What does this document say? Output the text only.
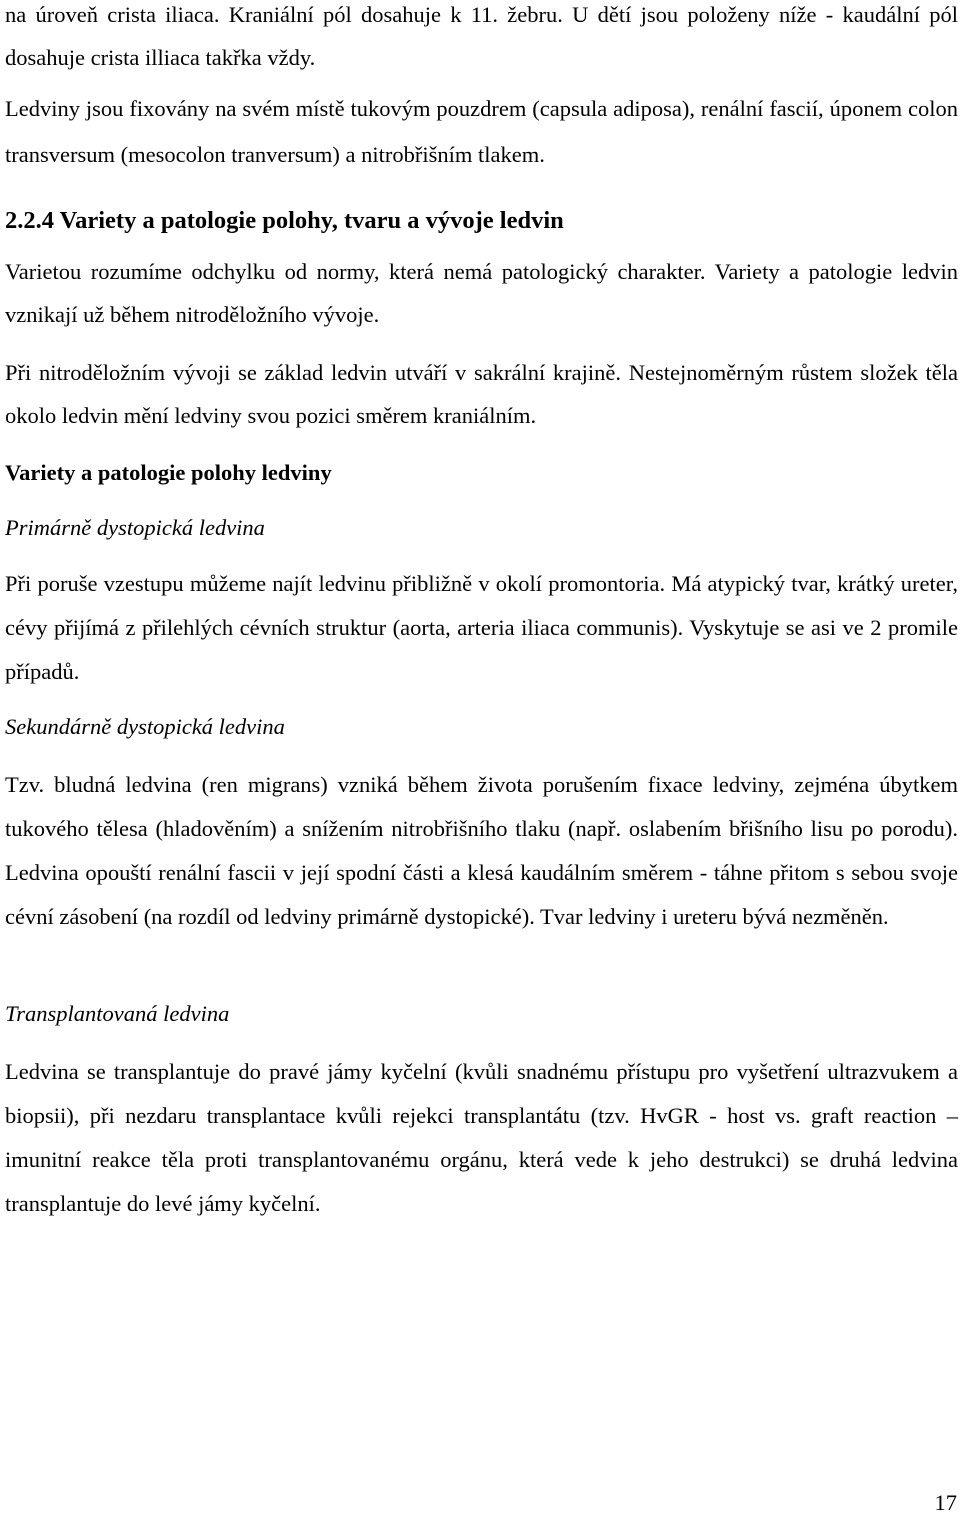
na úroveň crista iliaca. Kraniální pól dosahuje k 11. žebru. U dětí jsou položeny níže - kaudální pól dosahuje crista illiaca takřka vždy.

Ledviny jsou fixovány na svém místě tukovým pouzdrem (capsula adiposa), renální fascií, úponem colon transversum (mesocolon tranversum) a nitrobřišním tlakem.

2.2.4 Variety a patologie polohy, tvaru a vývoje ledvin

Varietou rozumíme odchylku od normy, která nemá patologický charakter. Variety a patologie ledvin vznikají už během nitroděložního vývoje.

Při nitroděložním vývoji se základ ledvin utváří v sakrální krajině. Nestejnoměrným růstem složek těla okolo ledvin mění ledviny svou pozici směrem kraniálním.

Variety a patologie polohy ledviny

Primárně dystopická ledvina

Při poruše vzestupu můžeme najít ledvinu přibližně v okolí promontoria. Má atypický tvar, krátký ureter, cévy přijímá z přilehlých cévních struktur (aorta, arteria iliaca communis). Vyskytuje se asi ve 2 promile případů.

Sekundárně dystopická ledvina

Tzv. bludná ledvina (ren migrans) vzniká během života porušením fixace ledviny, zejména úbytkem tukového tělesa (hladověním) a snížením nitrobřišního tlaku (např. oslabením břišního lisu po porodu). Ledvina opouští renální fascii v její spodní části a klesá kaudálním směrem - táhne přitom s sebou svoje cévní zásobení (na rozdíl od ledviny primárně dystopické). Tvar ledviny i ureteru bývá nezměněn.

Transplantovaná ledvina

Ledvina se transplantuje do pravé jámy kyčelní (kvůli snadnému přístupu pro vyšetření ultrazvukem a biopsii), při nezdaru transplantace kvůli rejekci transplantátu (tzv. HvGR - host vs. graft reaction – imunitní reakce těla proti transplantovanému orgánu, která vede k jeho destrukci) se druhá ledvina transplantuje do levé jámy kyčelní.

17
